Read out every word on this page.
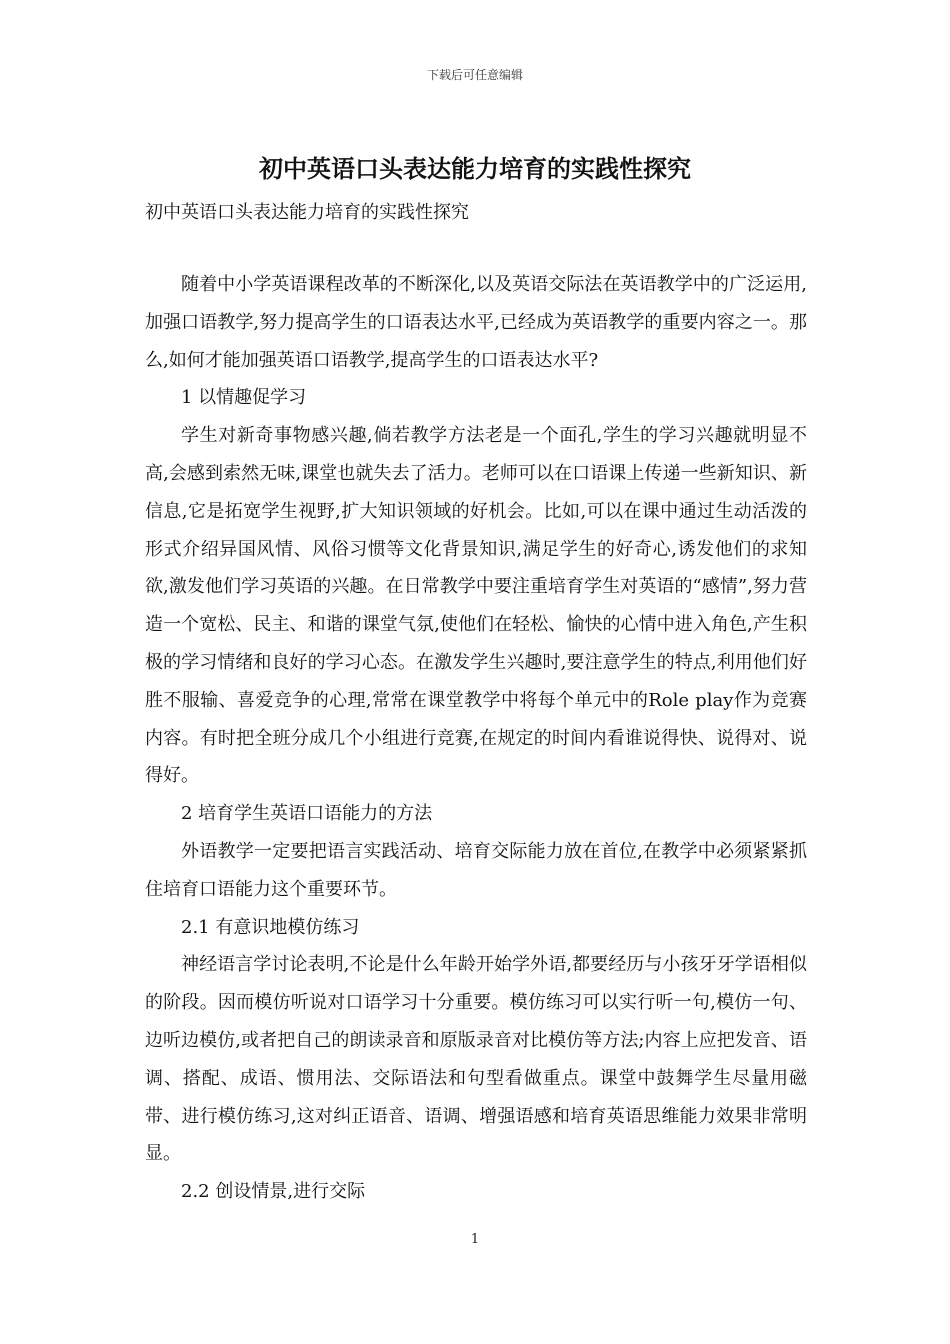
下载后可任意编辑
初中英语口头表达能力培育的实践性探究

初中英语口头表达能力培育的实践性探究

随着中小学英语课程改革的不断深化,以及英语交际法在英语教学中的广泛运用,加强口语教学,努力提高学生的口语表达水平,已经成为英语教学的重要内容之一。那么,如何才能加强英语口语教学,提高学生的口语表达水平?

1 以情趣促学习

学生对新奇事物感兴趣,倘若教学方法老是一个面孔,学生的学习兴趣就明显不高,会感到索然无味,课堂也就失去了活力。老师可以在口语课上传递一些新知识、新信息,它是拓宽学生视野,扩大知识领域的好机会。比如,可以在课中通过生动活泼的形式介绍异国风情、风俗习惯等文化背景知识,满足学生的好奇心,诱发他们的求知欲,激发他们学习英语的兴趣。在日常教学中要注重培育学生对英语的“感情”,努力营造一个宽松、民主、和谐的课堂气氛,使他们在轻松、愉快的心情中进入角色,产生积极的学习情绪和良好的学习心态。在激发学生兴趣时,要注意学生的特点,利用他们好胜不服输、喜爱竞争的心理,常常在课堂教学中将每个单元中的Role play作为竞赛内容。有时把全班分成几个小组进行竞赛,在规定的时间内看谁说得快、说得对、说得好。

2 培育学生英语口语能力的方法

外语教学一定要把语言实践活动、培育交际能力放在首位,在教学中必须紧紧抓住培育口语能力这个重要环节。

2.1 有意识地模仿练习

神经语言学讨论表明,不论是什么年龄开始学外语,都要经历与小孩牙牙学语相似的阶段。因而模仿听说对口语学习十分重要。模仿练习可以实行听一句,模仿一句、边听边模仿,或者把自己的朗读录音和原版录音对比模仿等方法;内容上应把发音、语调、搭配、成语、惯用法、交际语法和句型看做重点。课堂中鼓舞学生尽量用磁带、进行模仿练习,这对纠正语音、语调、增强语感和培育英语思维能力效果非常明显。

2.2 创设情景,进行交际

1
